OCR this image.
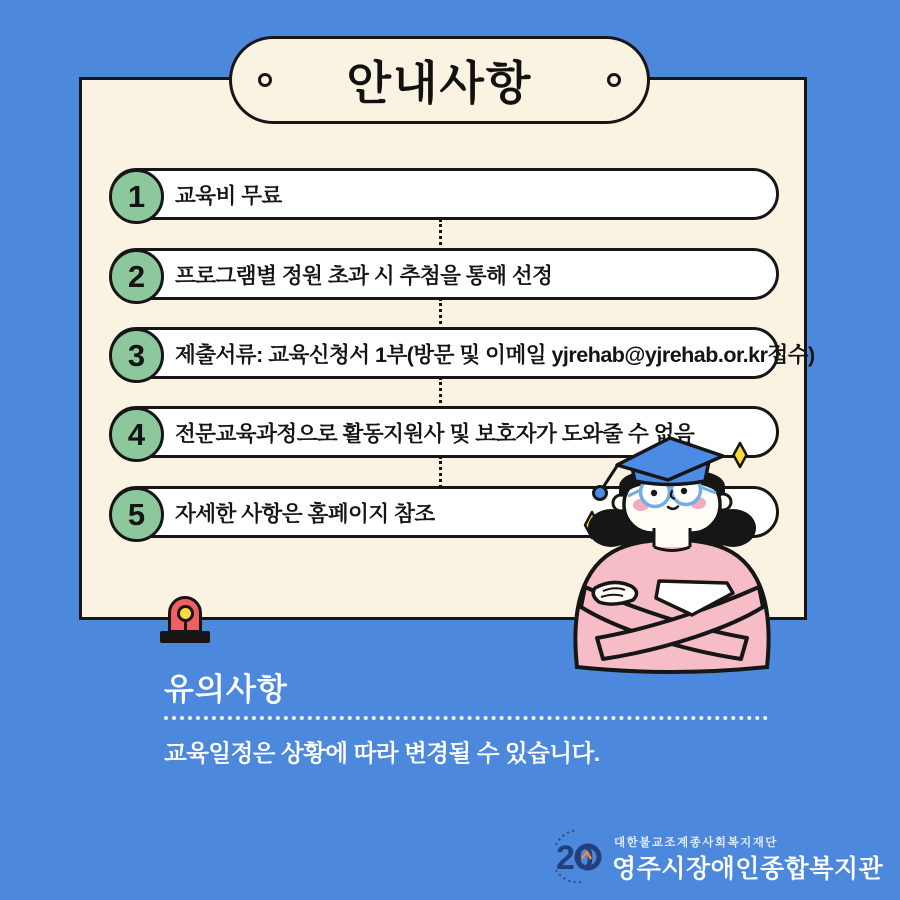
1	교육비 무료
2	프로그램별 정원 초과 시 추첨을 통해 선정
3	제출서류: 교육신청서 1부(방문 및 이메일 yjrehab@yjrehab.or.kr접수)
4	전문교육과정으로 활동지원사 및 보호자가 도와줄 수 없음
5	자세한 사항은 홈페이지 참조
안내사항
유의사항
교육일정은 상황에 따라 변경될 수 있습니다.
20 대한불교조계종사회복지재단
영주시장애인종합복지관
